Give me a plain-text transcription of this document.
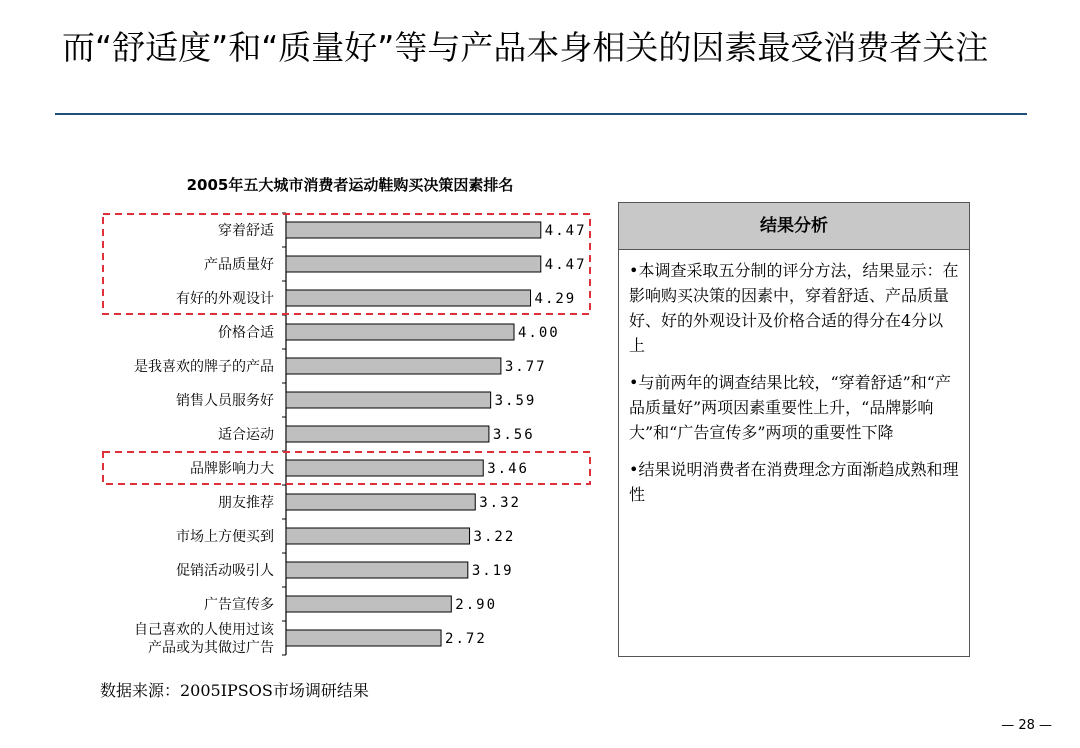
而“舒适度”和“质量好”等与产品本身相关的因素最受消费者关注
2005年五大城市消费者运动鞋购买决策因素排名
4.47
穿着舒适
4.47
产品质量好
4.29
有好的外观设计
4.00
价格合适
3.77
是我喜欢的牌子的产品
3.59
销售人员服务好
3.56
适合运动
3.46
品牌影响力大
3.32
朋友推荐
3.22
市场上方便买到
3.19
促销活动吸引人
2.90
广告宣传多
2.72
自己喜欢的人使用过该
产品或为其做过广告
数据来源：2005IPSOS市场调研结果
结果分析
•本调查采取五分制的评分方法，结果显示：在影响购买决策的因素中，穿着舒适、产品质量好、好的外观设计及价格合适的得分在4分以上
•与前两年的调查结果比较，“穿着舒适”和“产品质量好”两项因素重要性上升，“品牌影响大”和“广告宣传多”两项的重要性下降
•结果说明消费者在消费理念方面渐趋成熟和理性
— 28 —
